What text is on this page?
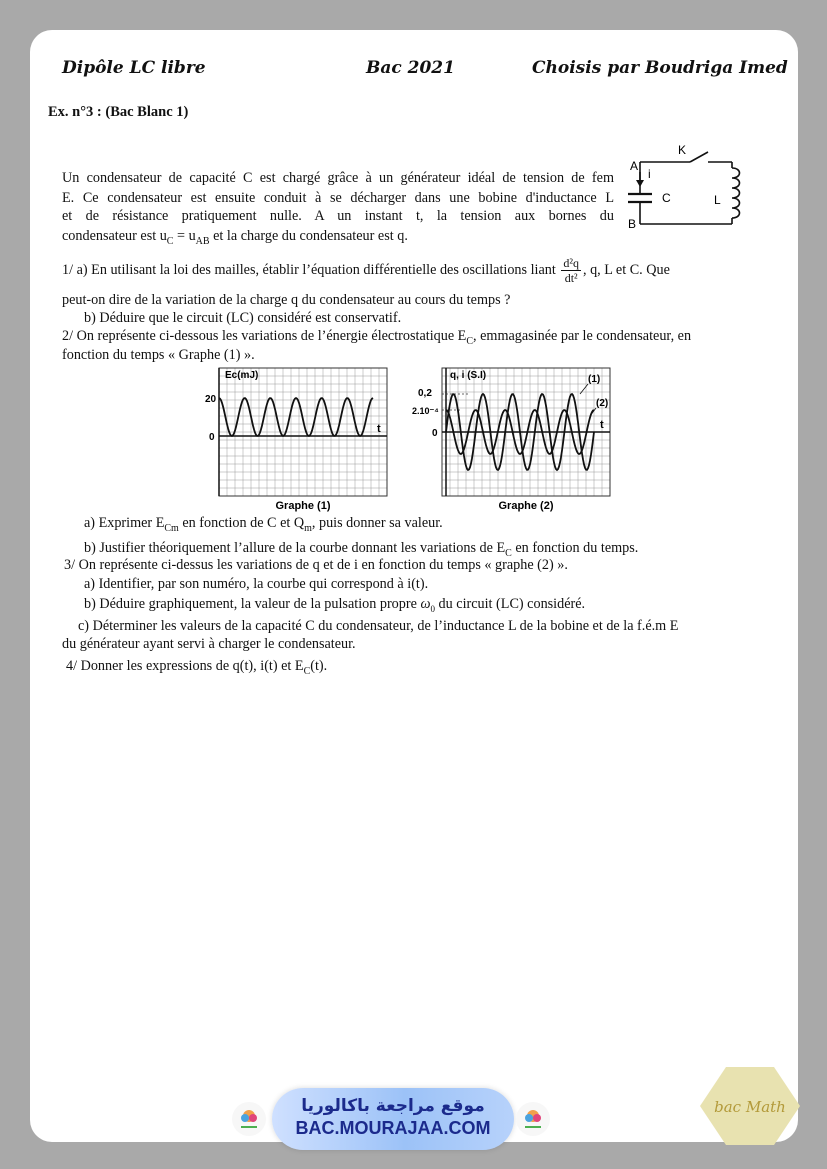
Dipôle LC libre	Bac 2021	Choisis par Boudriga Imed
Ex. n°3 : (Bac Blanc 1)
A
i
K
C	L
B
Un condensateur de capacité C est chargé grâce à un générateur idéal de tension de fem
E. Ce condensateur est ensuite conduit à se décharger dans une bobine d'inductance L
et de résistance pratiquement nulle. A un instant t, la tension aux bornes du
condensateur est $u_C = u_{AB}$ et la charge du condensateur est q.
1/ a) En utilisant la loi des mailles, établir l’équation différentielle des oscillations liant $\frac{\text{d²q}}{\text{dt²}}$ , q, L et C. Que
peut-on dire de la variation de la charge q du condensateur au cours du temps ?
b) Déduire que le circuit (LC) considéré est conservatif.
2/ On représente ci-dessous les variations de l’énergie électrostatique $E_C$, emmagasinée par le condensateur, en
fonction du temps « Graphe (1) ».
Ec(mJ)
t
20
0
Graphe (1)
q, i (S.I)
t
0,2
2.10⁻⁴
0
Graphe (2)
(1)
(2)
a) Exprimer $E_{Cm}$ en fonction de C et $Q_m$, puis donner sa valeur.
b) Justifier théoriquement l’allure de la courbe donnant les variations de $E_C$ en fonction du temps.
3/ On représente ci-dessus les variations de q et de i en fonction du temps « graphe (2) ».
a) Identifier, par son numéro, la courbe qui correspond à i(t).
b) Déduire graphiquement, la valeur de la pulsation propre $\omega_0$ du circuit (LC) considéré.
c) Déterminer les valeurs de la capacité C du condensateur, de l’inductance L de la bobine et de la f.é.m E
du générateur ayant servi à charger le condensateur.
4/ Donner les expressions de q(t), i(t) et $E_C(t)$.
موقع مراجعة باكالوريا
BAC.MOURAJAA.COM
bac Math
